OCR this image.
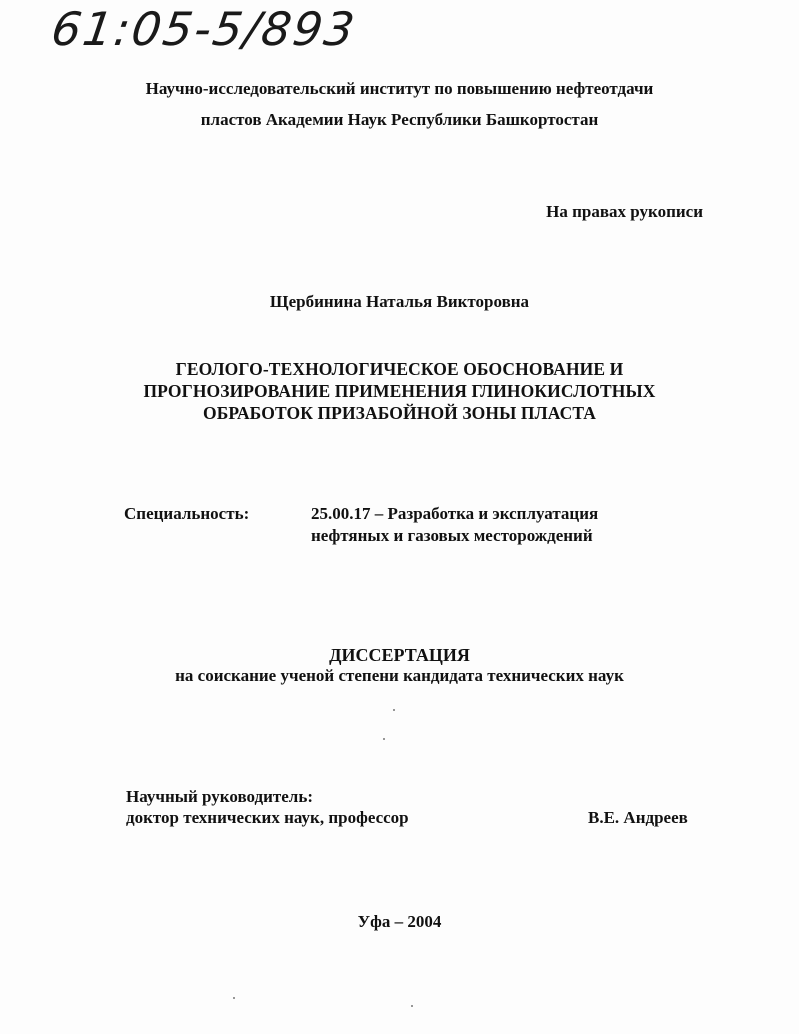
61:05-5/893
Научно-исследовательский институт по повышению нефтеотдачи
пластов Академии Наук Республики Башкортостан
На правах рукописи
Щербинина Наталья Викторовна
ГЕОЛОГО-ТЕХНОЛОГИЧЕСКОЕ ОБОСНОВАНИЕ И
ПРОГНОЗИРОВАНИЕ ПРИМЕНЕНИЯ ГЛИНОКИСЛОТНЫХ
ОБРАБОТОК ПРИЗАБОЙНОЙ ЗОНЫ ПЛАСТА
Специальность:	25.00.17 – Разработка и эксплуатация
нефтяных и газовых месторождений
ДИССЕРТАЦИЯ
на соискание ученой степени кандидата технических наук
Научный руководитель:
доктор технических наук, профессор	В.Е. Андреев
Уфа – 2004
